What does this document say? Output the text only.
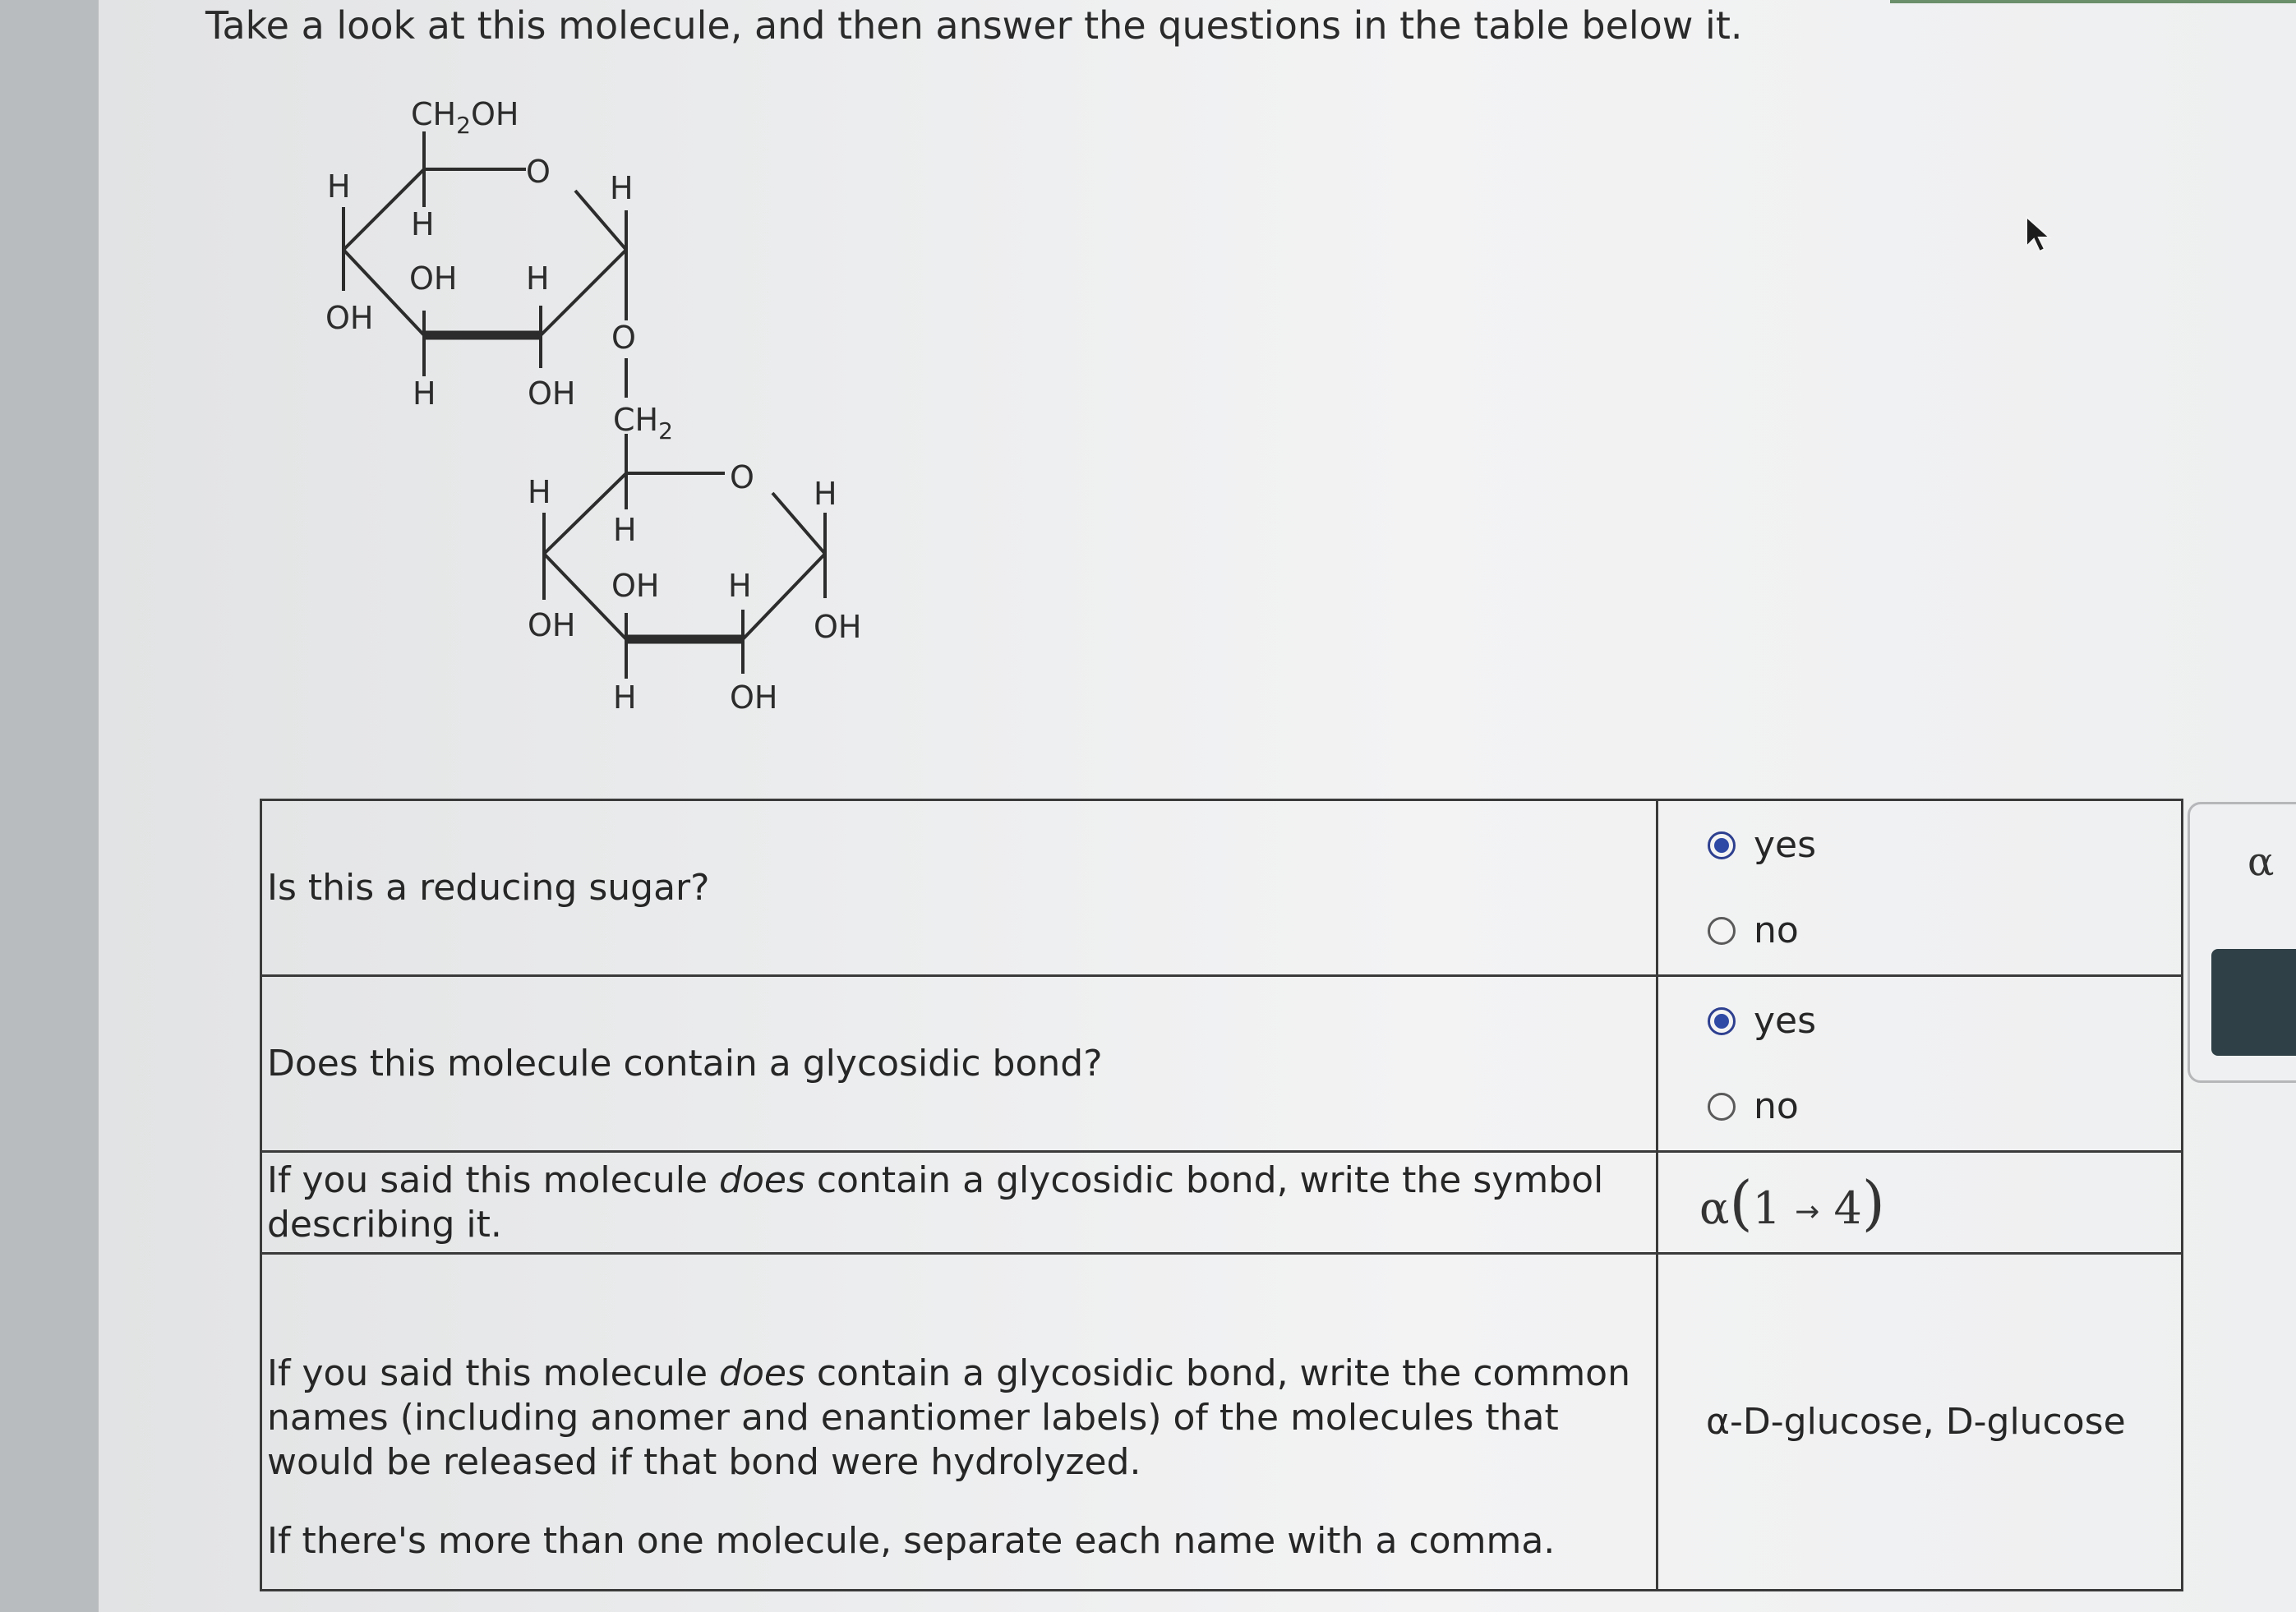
Take a look at this molecule, and then answer the questions in the table below it.
$CH_2OH$
O H
H
H
OH H
OH
H	OH
O
$CH_2$
O
H	H
H
OH H
OH	OH
H	OH
Is this a reducing sugar?	yes
no

Does this molecule contain a glycosidic bond?	yes
no

If you said this molecule does contain a glycosidic bond, write the symbol describing it.	α(1 → 4)

If you said this molecule does contain a glycosidic bond, write the common names (including anomer and enantiomer labels) of the molecules that would be released if that bond were hydrolyzed.
If there's more than one molecule, separate each name with a comma.	α-D-glucose, D-glucose
α
